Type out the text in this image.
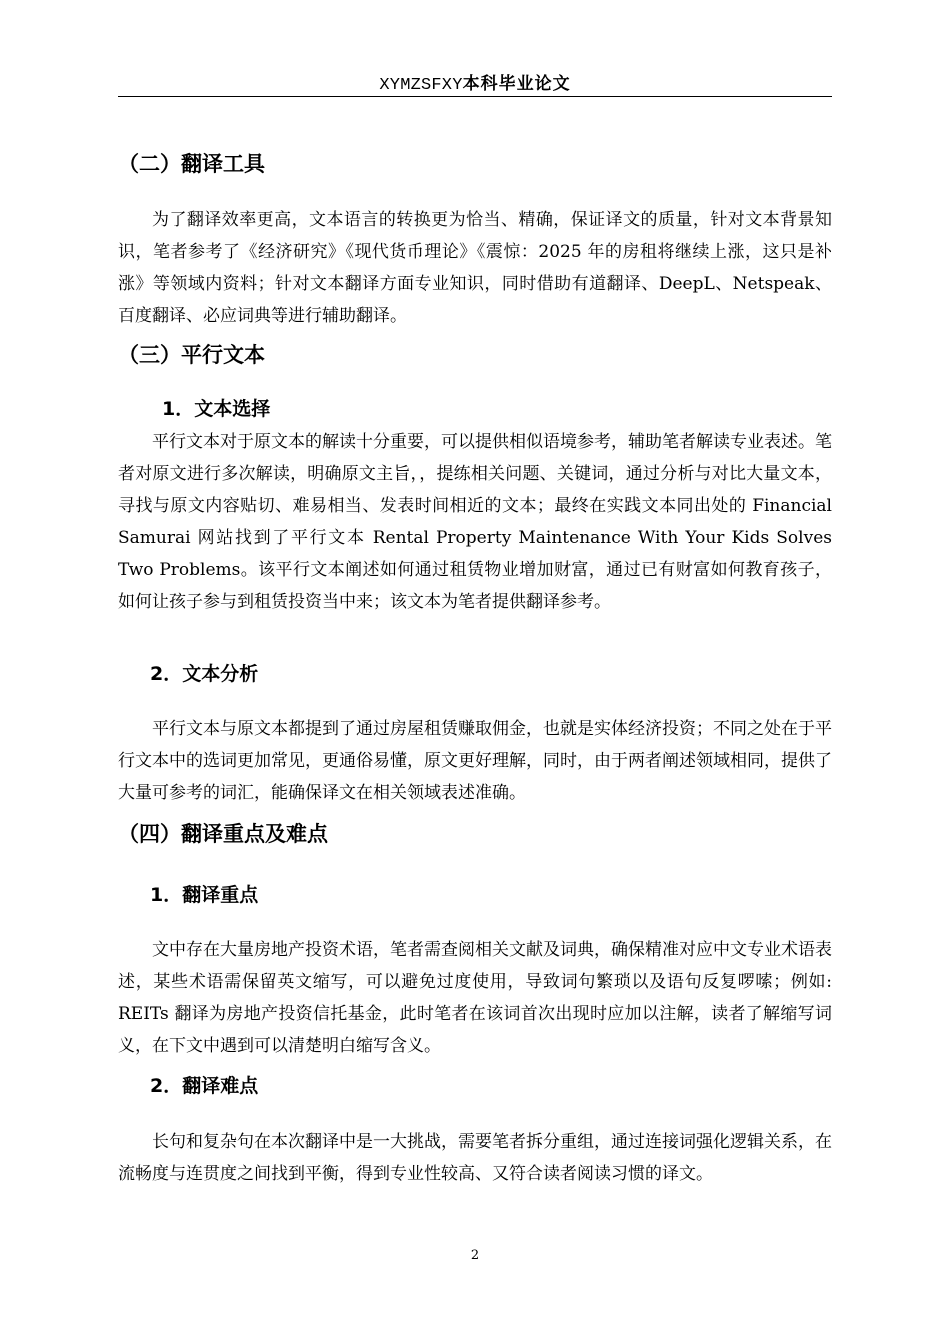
XYMZSFXY本科毕业论文
（二）翻译工具
为了翻译效率更高，文本语言的转换更为恰当、精确，保证译文的质量，针对文本背景知识，笔者参考了《经济研究》《现代货币理论》《震惊：2025 年的房租将继续上涨，这只是补涨》等领域内资料；针对文本翻译方面专业知识，同时借助有道翻译、DeepL、Netspeak、百度翻译、必应词典等进行辅助翻译。
（三）平行文本
1．文本选择
平行文本对于原文本的解读十分重要，可以提供相似语境参考，辅助笔者解读专业表述。笔者对原文进行多次解读，明确原文主旨，，提练相关问题、关键词，通过分析与对比大量文本，寻找与原文内容贴切、难易相当、发表时间相近的文本；最终在实践文本同出处的 Financial Samurai 网站找到了平行文本 Rental Property Maintenance With Your Kids Solves Two Problems。该平行文本阐述如何通过租赁物业增加财富，通过已有财富如何教育孩子，如何让孩子参与到租赁投资当中来；该文本为笔者提供翻译参考。
2．文本分析
平行文本与原文本都提到了通过房屋租赁赚取佣金，也就是实体经济投资；不同之处在于平行文本中的选词更加常见，更通俗易懂，原文更好理解，同时，由于两者阐述领域相同，提供了大量可参考的词汇，能确保译文在相关领域表述准确。
（四）翻译重点及难点
1．翻译重点
文中存在大量房地产投资术语，笔者需查阅相关文献及词典，确保精准对应中文专业术语表述，某些术语需保留英文缩写，可以避免过度使用，导致词句繁琐以及语句反复啰嗦；例如: REITs 翻译为房地产投资信托基金，此时笔者在该词首次出现时应加以注解，读者了解缩写词义，在下文中遇到可以清楚明白缩写含义。
2．翻译难点
长句和复杂句在本次翻译中是一大挑战，需要笔者拆分重组，通过连接词强化逻辑关系，在流畅度与连贯度之间找到平衡，得到专业性较高、又符合读者阅读习惯的译文。
2
